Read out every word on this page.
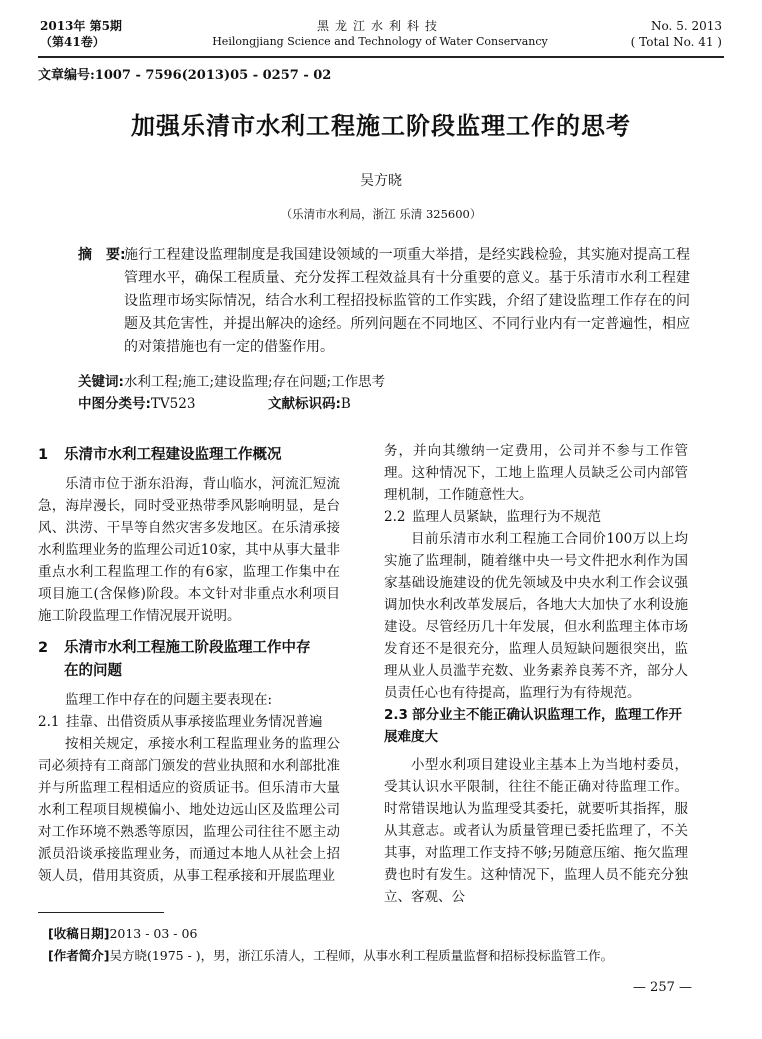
2013年 第5期
（第41卷）
黑龙江水利科技
Heilongjiang Science and Technology of Water Conservancy
No. 5. 2013
( Total No. 41 )
文章编号:1007 - 7596(2013)05 - 0257 - 02
加强乐清市水利工程施工阶段监理工作的思考
吴方晓
（乐清市水利局，浙江 乐清 325600）
摘　要:
施行工程建设监理制度是我国建设领域的一项重大举措，是经实践检验，其实施对提高工程管理水平，确保工程质量、充分发挥工程效益具有十分重要的意义。基于乐清市水利工程建设监理市场实际情况，结合水利工程招投标监管的工作实践，介绍了建设监理工作存在的问题及其危害性，并提出解决的途经。所列问题在不同地区、不同行业内有一定普遍性，相应的对策措施也有一定的借鉴作用。
关键词:水利工程;施工;建设监理;存在问题;工作思考
中图分类号:TV523	文献标识码:B
1 乐清市水利工程建设监理工作概况

乐清市位于浙东沿海，背山临水，河流汇短流急，海岸漫长，同时受亚热带季风影响明显，是台风、洪涝、干旱等自然灾害多发地区。在乐清承接水利监理业务的监理公司近10家，其中从事大量非重点水利工程监理工作的有6家，监理工作集中在项目施工(含保修)阶段。本文针对非重点水利项目施工阶段监理工作情况展开说明。

2 乐清市水利工程施工阶段监理工作中存
在的问题

监理工作中存在的问题主要表现在:

2.1 挂靠、出借资质从事承接监理业务情况普遍

按相关规定，承接水利工程监理业务的监理公司必须持有工商部门颁发的营业执照和水利部批准并与所监理工程相适应的资质证书。但乐清市大量水利工程项目规模偏小、地处边远山区及监理公司对工作环境不熟悉等原因，监理公司往往不愿主动派员沿谈承接监理业务，而通过本地人从社会上招领人员，借用其资质，从事工程承接和开展监理业

务，并向其缴纳一定费用，公司并不参与工作管理。这种情况下，工地上监理人员缺乏公司内部管理机制，工作随意性大。

2.2 监理人员紧缺，监理行为不规范

目前乐清市水利工程施工合同价100万以上均实施了监理制，随着继中央一号文件把水利作为国家基础设施建设的优先领域及中央水利工作会议强调加快水利改革发展后，各地大大加快了水利设施建设。尽管经历几十年发展，但水利监理主体市场发育还不是很充分，监理人员短缺问题很突出，监理从业人员滥芋充数、业务素养良莠不齐，部分人员责任心也有待提高，监理行为有待规范。

2.3 部分业主不能正确认识监理工作，监理工作开
展难度大

小型水利项目建设业主基本上为当地村委员，受其认识水平限制，往往不能正确对待监理工作。时常错误地认为监理受其委托，就要听其指挥，服从其意志。或者认为质量管理已委托监理了，不关其事，对监理工作支持不够;另随意压缩、拖欠监理费也时有发生。这种情况下，监理人员不能充分独立、客观、公

[收稿日期]2013 - 03 - 06
[作者简介]吴方晓(1975 - )，男，浙江乐清人，工程师，从事水利工程质量监督和招标投标监管工作。
— 257 —
